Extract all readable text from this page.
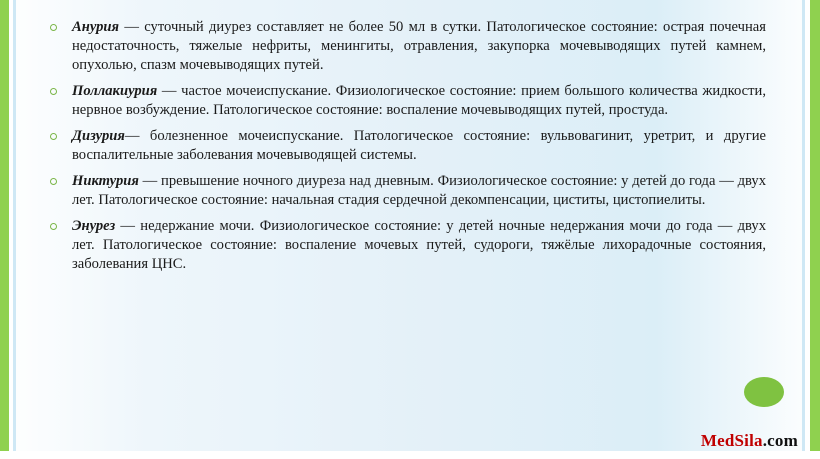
Анурия — суточный диурез составляет не более 50 мл в сутки. Патологическое состояние: острая почечная недостаточность, тяжелые нефриты, менингиты, отравления, закупорка мочевыводящих путей камнем, опухолью, спазм мочевыводящих путей.
Поллакиурия — частое мочеиспускание. Физиологическое состояние: прием большого количества жидкости, нервное возбуждение. Патологическое состояние: воспаление мочевыводящих путей, простуда.
Дизурия— болезненное мочеиспускание. Патологическое состояние: вульвовагинит, уретрит, и другие воспалительные заболевания мочевыводящей системы.
Никтурия — превышение ночного диуреза над дневным. Физиологическое состояние: у детей до года — двух лет. Патологическое состояние: начальная стадия сердечной декомпенсации, циститы, цистопиелиты.
Энурез — недержание мочи. Физиологическое состояние: у детей ночные недержания мочи до года — двух лет. Патологическое состояние: воспаление мочевых путей, судороги, тяжёлые лихорадочные состояния, заболевания ЦНС.
MedSila.com
